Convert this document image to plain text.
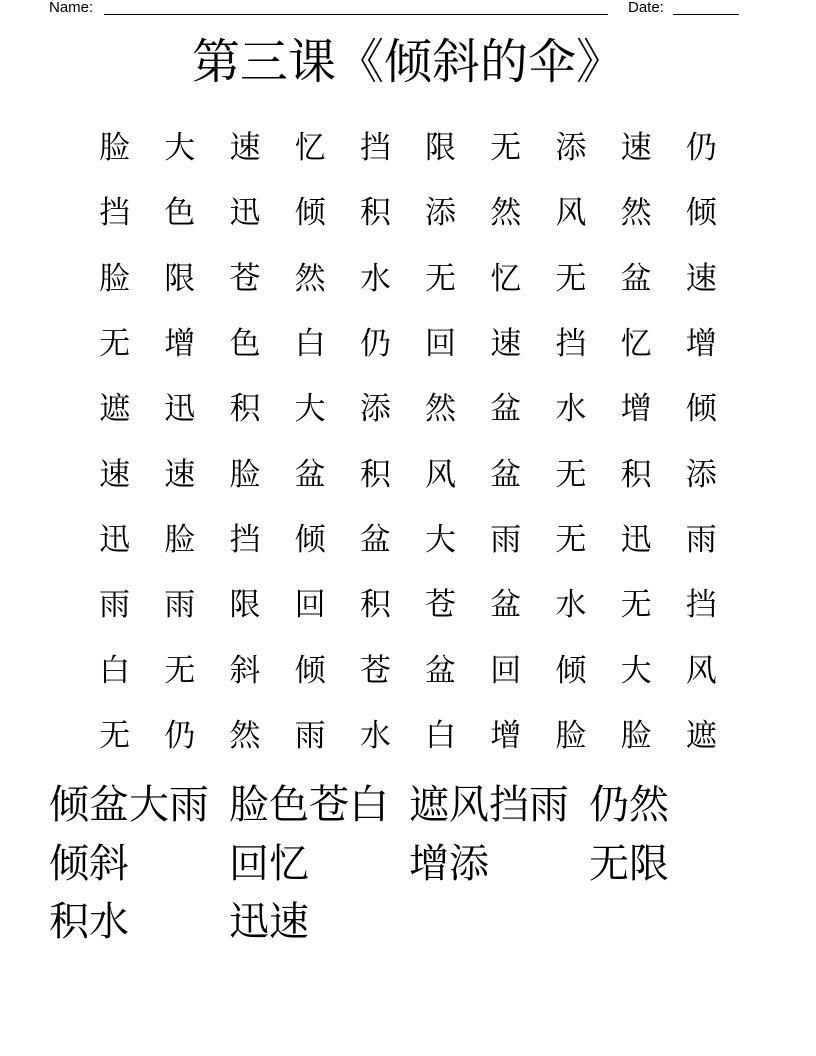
Name:	Date:
第三课《倾斜的伞》
脸	大	速	忆	挡	限	无	添	速	仍
挡	色	迅	倾	积	添	然	风	然	倾
脸	限	苍	然	水	无	忆	无	盆	速
无	增	色	白	仍	回	速	挡	忆	增
遮	迅	积	大	添	然	盆	水	增	倾
速	速	脸	盆	积	风	盆	无	积	添
迅	脸	挡	倾	盆	大	雨	无	迅	雨
雨	雨	限	回	积	苍	盆	水	无	挡
白	无	斜	倾	苍	盆	回	倾	大	风
无	仍	然	雨	水	白	增	脸	脸	遮
倾盆大雨 脸色苍白 遮风挡雨 仍然
倾斜	回忆	增添	无限
积水	迅速
